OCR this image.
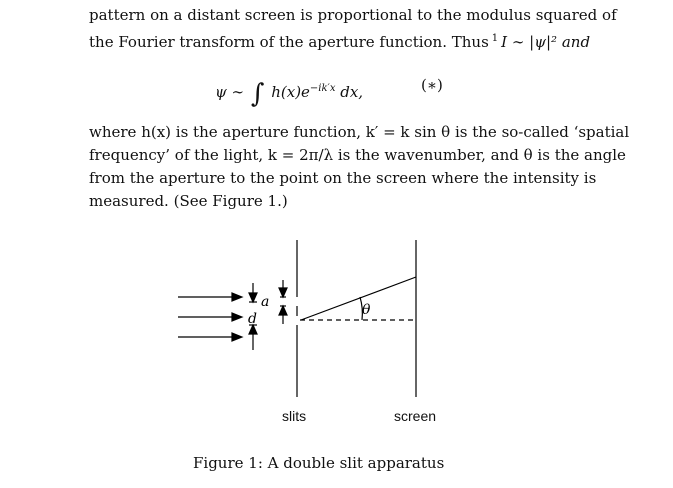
pattern on a distant screen is proportional to the modulus squared of
the Fourier transform of the aperture function. Thus $^1$ I ∼ |ψ|² and
ψ ∼ ∫ $h(x)e^{-ik'x}$ dx,	(∗)
where h(x) is the aperture function, k′ = k sin θ is the so-called ‘spatial
frequency’ of the light, k = 2π/λ is the wavenumber, and θ is the angle
from the aperture to the point on the screen where the intensity is
measured. (See Figure 1.)
a
d
θ
slits	screen
Figure 1: A double slit apparatus
